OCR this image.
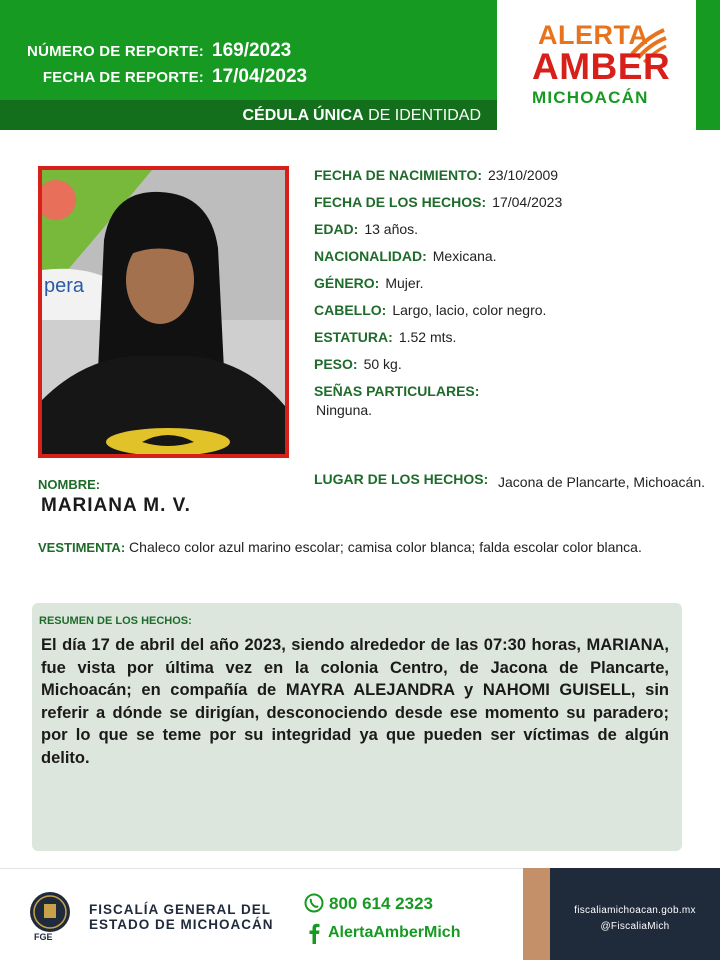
NÚMERO DE REPORTE: 169/2023
FECHA DE REPORTE: 17/04/2023
CÉDULA ÚNICA DE IDENTIDAD
ALERTA
AMBER
MICHOACÁN
pera
FECHA DE NACIMIENTO: 23/10/2009
FECHA DE LOS HECHOS: 17/04/2023
EDAD: 13 años.
NACIONALIDAD: Mexicana.
GÉNERO: Mujer.
CABELLO: Largo, lacio, color negro.
ESTATURA: 1.52 mts.
PESO: 50 kg.
SEÑAS PARTICULARES:
Ninguna.
NOMBRE:
MARIANA M. V.
LUGAR DE LOS HECHOS: Jacona de Plancarte, Michoacán.
VESTIMENTA: Chaleco color azul marino escolar; camisa color blanca; falda escolar color blanca.
RESUMEN DE LOS HECHOS:
El día 17 de abril del año 2023, siendo alrededor de las 07:30 horas, MARIANA, fue vista por última vez en la colonia Centro, de Jacona de Plancarte, Michoacán; en compañía de MAYRA ALEJANDRA y NAHOMI GUISELL, sin referir a dónde se dirigían, desconociendo desde ese momento su paradero; por lo que se teme por su integridad ya que pueden ser víctimas de algún delito.
FGE
FISCALÍA GENERAL DEL
ESTADO DE MICHOACÁN
800 614 2323
AlertaAmberMich
fiscaliamichoacan.gob.mx
@FiscaliaMich
